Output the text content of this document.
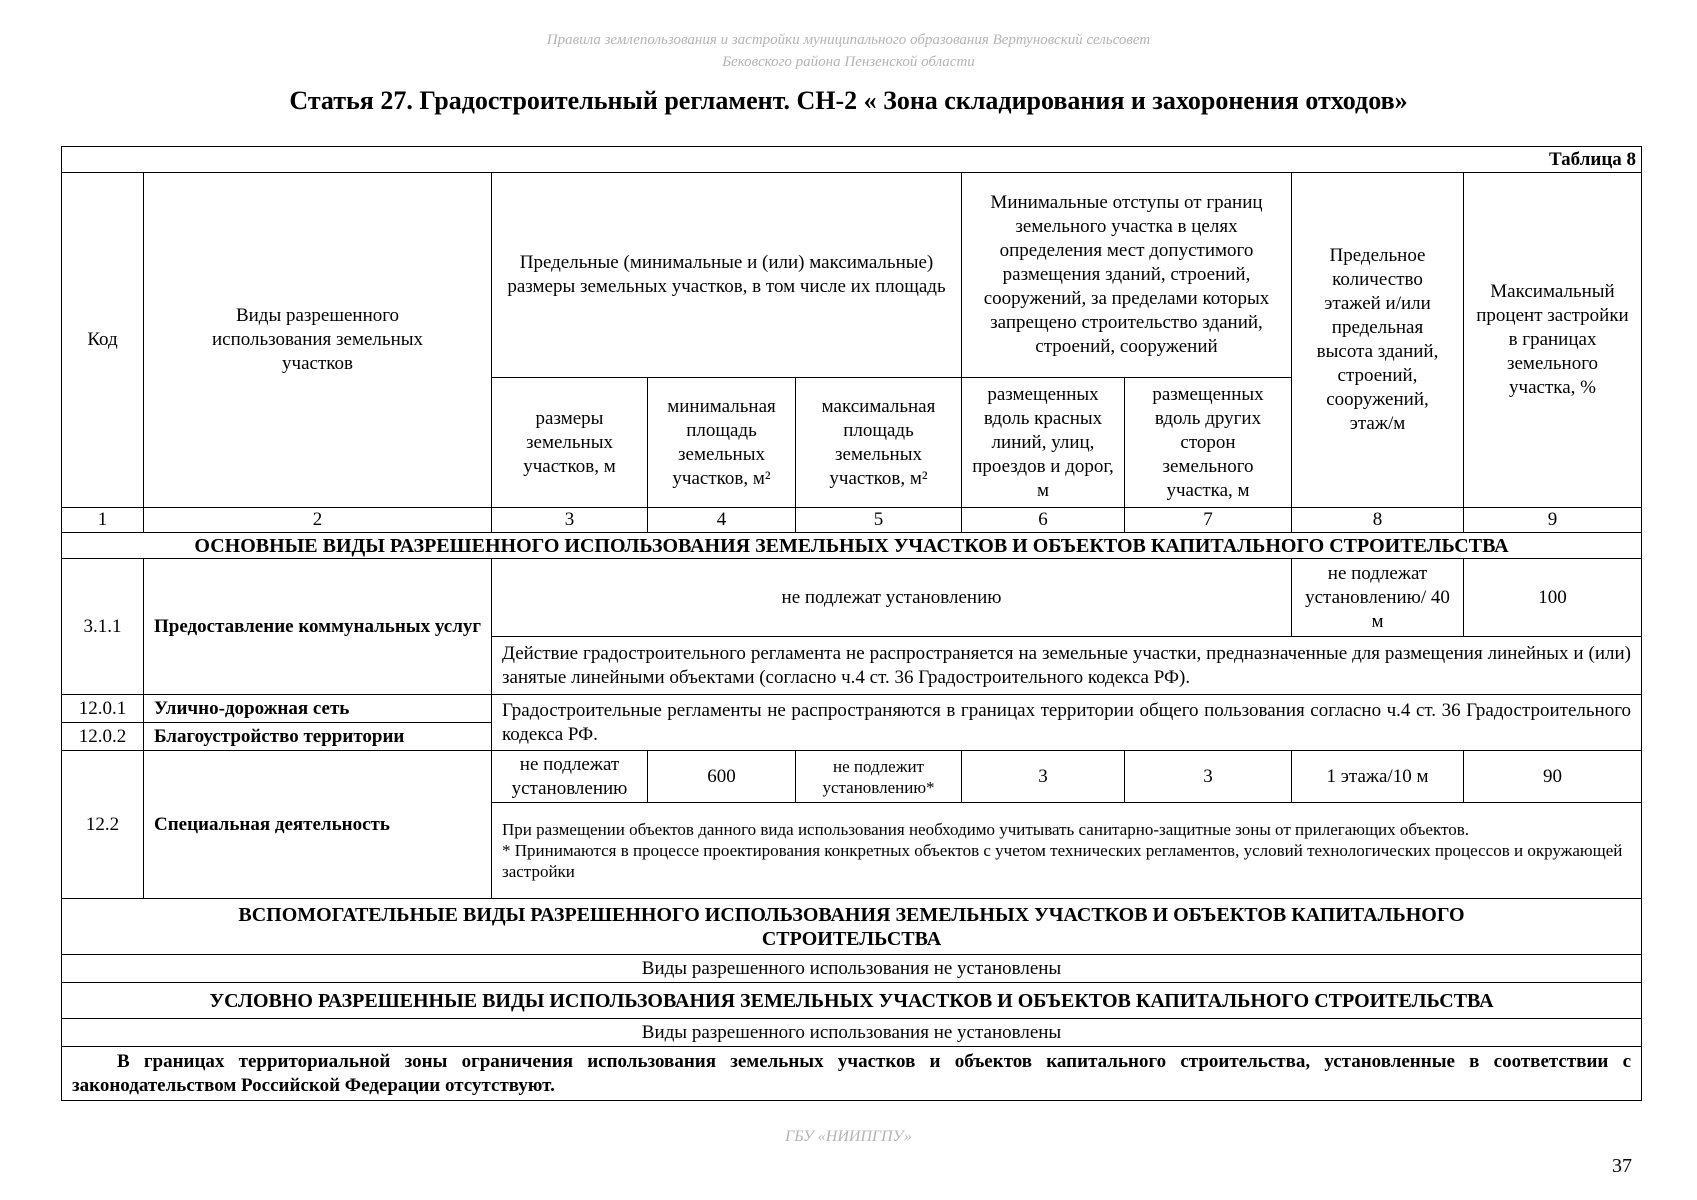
Правила землепользования и застройки муниципального образования Вертуновский сельсовет
Бековского района Пензенской области
Статья 27. Градостроительный регламент. СН-2 « Зона складирования и захоронения отходов»
Таблица 8								
Код	Виды разрешенного использования земельных участков	Предельные (минимальные и (или) максимальные) размеры земельных участков, в том числе их площадь			Минимальные отступы от границ земельного участка в целях определения мест допустимого размещения зданий, строений, сооружений, за пределами которых запрещено строительство зданий, строений, сооружений		Предельное количество этажей и/или предельная высота зданий, строений, сооружений, этаж/м	Максимальный процент застройки в границах земельного участка, %
		размеры земельных участков, м	минимальная площадь земельных участков, м²	максимальная площадь земельных участков, м²	размещенных вдоль красных линий, улиц, проездов и дорог, м	размещенных вдоль других сторон земельного участка, м		
1	2	3	4	5	6	7	8	9
ОСНОВНЫЕ ВИДЫ РАЗРЕШЕННОГО ИСПОЛЬЗОВАНИЯ ЗЕМЕЛЬНЫХ УЧАСТКОВ И ОБЪЕКТОВ КАПИТАЛЬНОГО СТРОИТЕЛЬСТВА								
3.1.1	Предоставление коммунальных услуг	не подлежат установлению					не подлежат установлению/ 40 м	100
		Действие градостроительного регламента не распространяется на земельные участки, предназначенные для размещения линейных и (или) занятые линейными объектами (согласно ч.4 ст. 36 Градостроительного кодекса РФ).						
12.0.1	Улично-дорожная сеть	Градостроительные регламенты не распространяются в границах территории общего пользования согласно ч.4 ст. 36 Градостроительного кодекса РФ.						
12.0.2	Благоустройство территории							
12.2	Специальная деятельность	не подлежат установлению	600	не подлежит установлению*	3	3	1 этажа/10 м	90

		При размещении объектов данного вида использования необходимо учитывать санитарно-защитные зоны от прилегающих объектов.
* Принимаются в процессе проектирования конкретных объектов с учетом технических регламентов, условий технологических процессов и окружающей застройки						

ВСПОМОГАТЕЛЬНЫЕ ВИДЫ РАЗРЕШЕННОГО ИСПОЛЬЗОВАНИЯ ЗЕМЕЛЬНЫХ УЧАСТКОВ И ОБЪЕКТОВ КАПИТАЛЬНОГО СТРОИТЕЛЬСТВА								
Виды разрешенного использования не установлены								
УСЛОВНО РАЗРЕШЕННЫЕ ВИДЫ ИСПОЛЬЗОВАНИЯ ЗЕМЕЛЬНЫХ УЧАСТКОВ И ОБЪЕКТОВ КАПИТАЛЬНОГО СТРОИТЕЛЬСТВА								
Виды разрешенного использования не установлены								
В границах территориальной зоны ограничения использования земельных участков и объектов капитального строительства, установленные в соответствии с законодательством Российской Федерации отсутствуют.								
ГБУ «НИИПГПУ»
37
